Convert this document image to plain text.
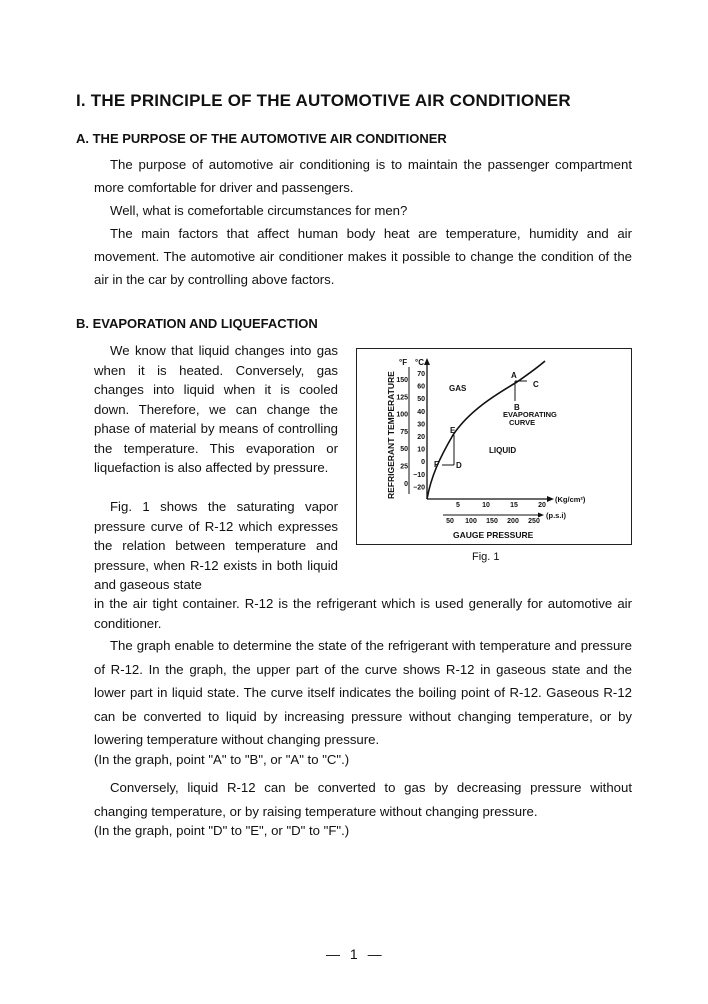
I. THE PRINCIPLE OF THE AUTOMOTIVE AIR CONDITIONER
A. THE PURPOSE OF THE AUTOMOTIVE AIR CONDITIONER

The purpose of automotive air conditioning is to maintain the passenger compartment more comfortable for driver and passengers.

Well, what is comefortable circumstances for men?

The main factors that affect human body heat are temperature, humidity and air movement. The automotive air conditioner makes it possible to change the condition of the air in the car by controlling above factors.

B. EVAPORATION AND LIQUEFACTION

We know that liquid changes into gas when it is heated. Conversely, gas changes into liquid when it is cooled down. Therefore, we can change the phase of material by means of controlling the temperature. This evaporation or liquefaction is also affected by pressure.

Fig. 1 shows the saturating vapor pressure curve of R-12 which expresses the relation between temperature and pressure, when R-12 exists in both liquid and gaseous state

in the air tight container. R-12 is the refrigerant which is used generally for automotive air conditioner.

The graph enable to determine the state of the refrigerant with temperature and pressure of R-12. In the graph, the upper part of the curve shows R-12 in gaseous state and the lower part in liquid state. The curve itself indicates the boiling point of R-12. Gaseous R-12 can be converted to liquid by increasing pressure without changing temperature, or by lowering temperature without changing pressure.

(In the graph, point "A" to "B", or "A" to "C".)

Conversely, liquid R-12 can be converted to gas by decreasing pressure without changing temperature, or by raising temperature without changing pressure.

(In the graph, point "D" to "E", or "D" to "F".)
REFRIGERANT TEMPERATURE
°F °C
150
125
100
75
50
25
0
70
60
50
40
30
20
10
0
−10
−20
5	10	15	20
50 100 150 200 250
(Kg/cm²)
(p.s.i)
GAUGE PRESSURE
GAS
LIQUID
EVAPORATING
CURVE
A
B
C
D
E
F
Fig. 1
— 1 —
